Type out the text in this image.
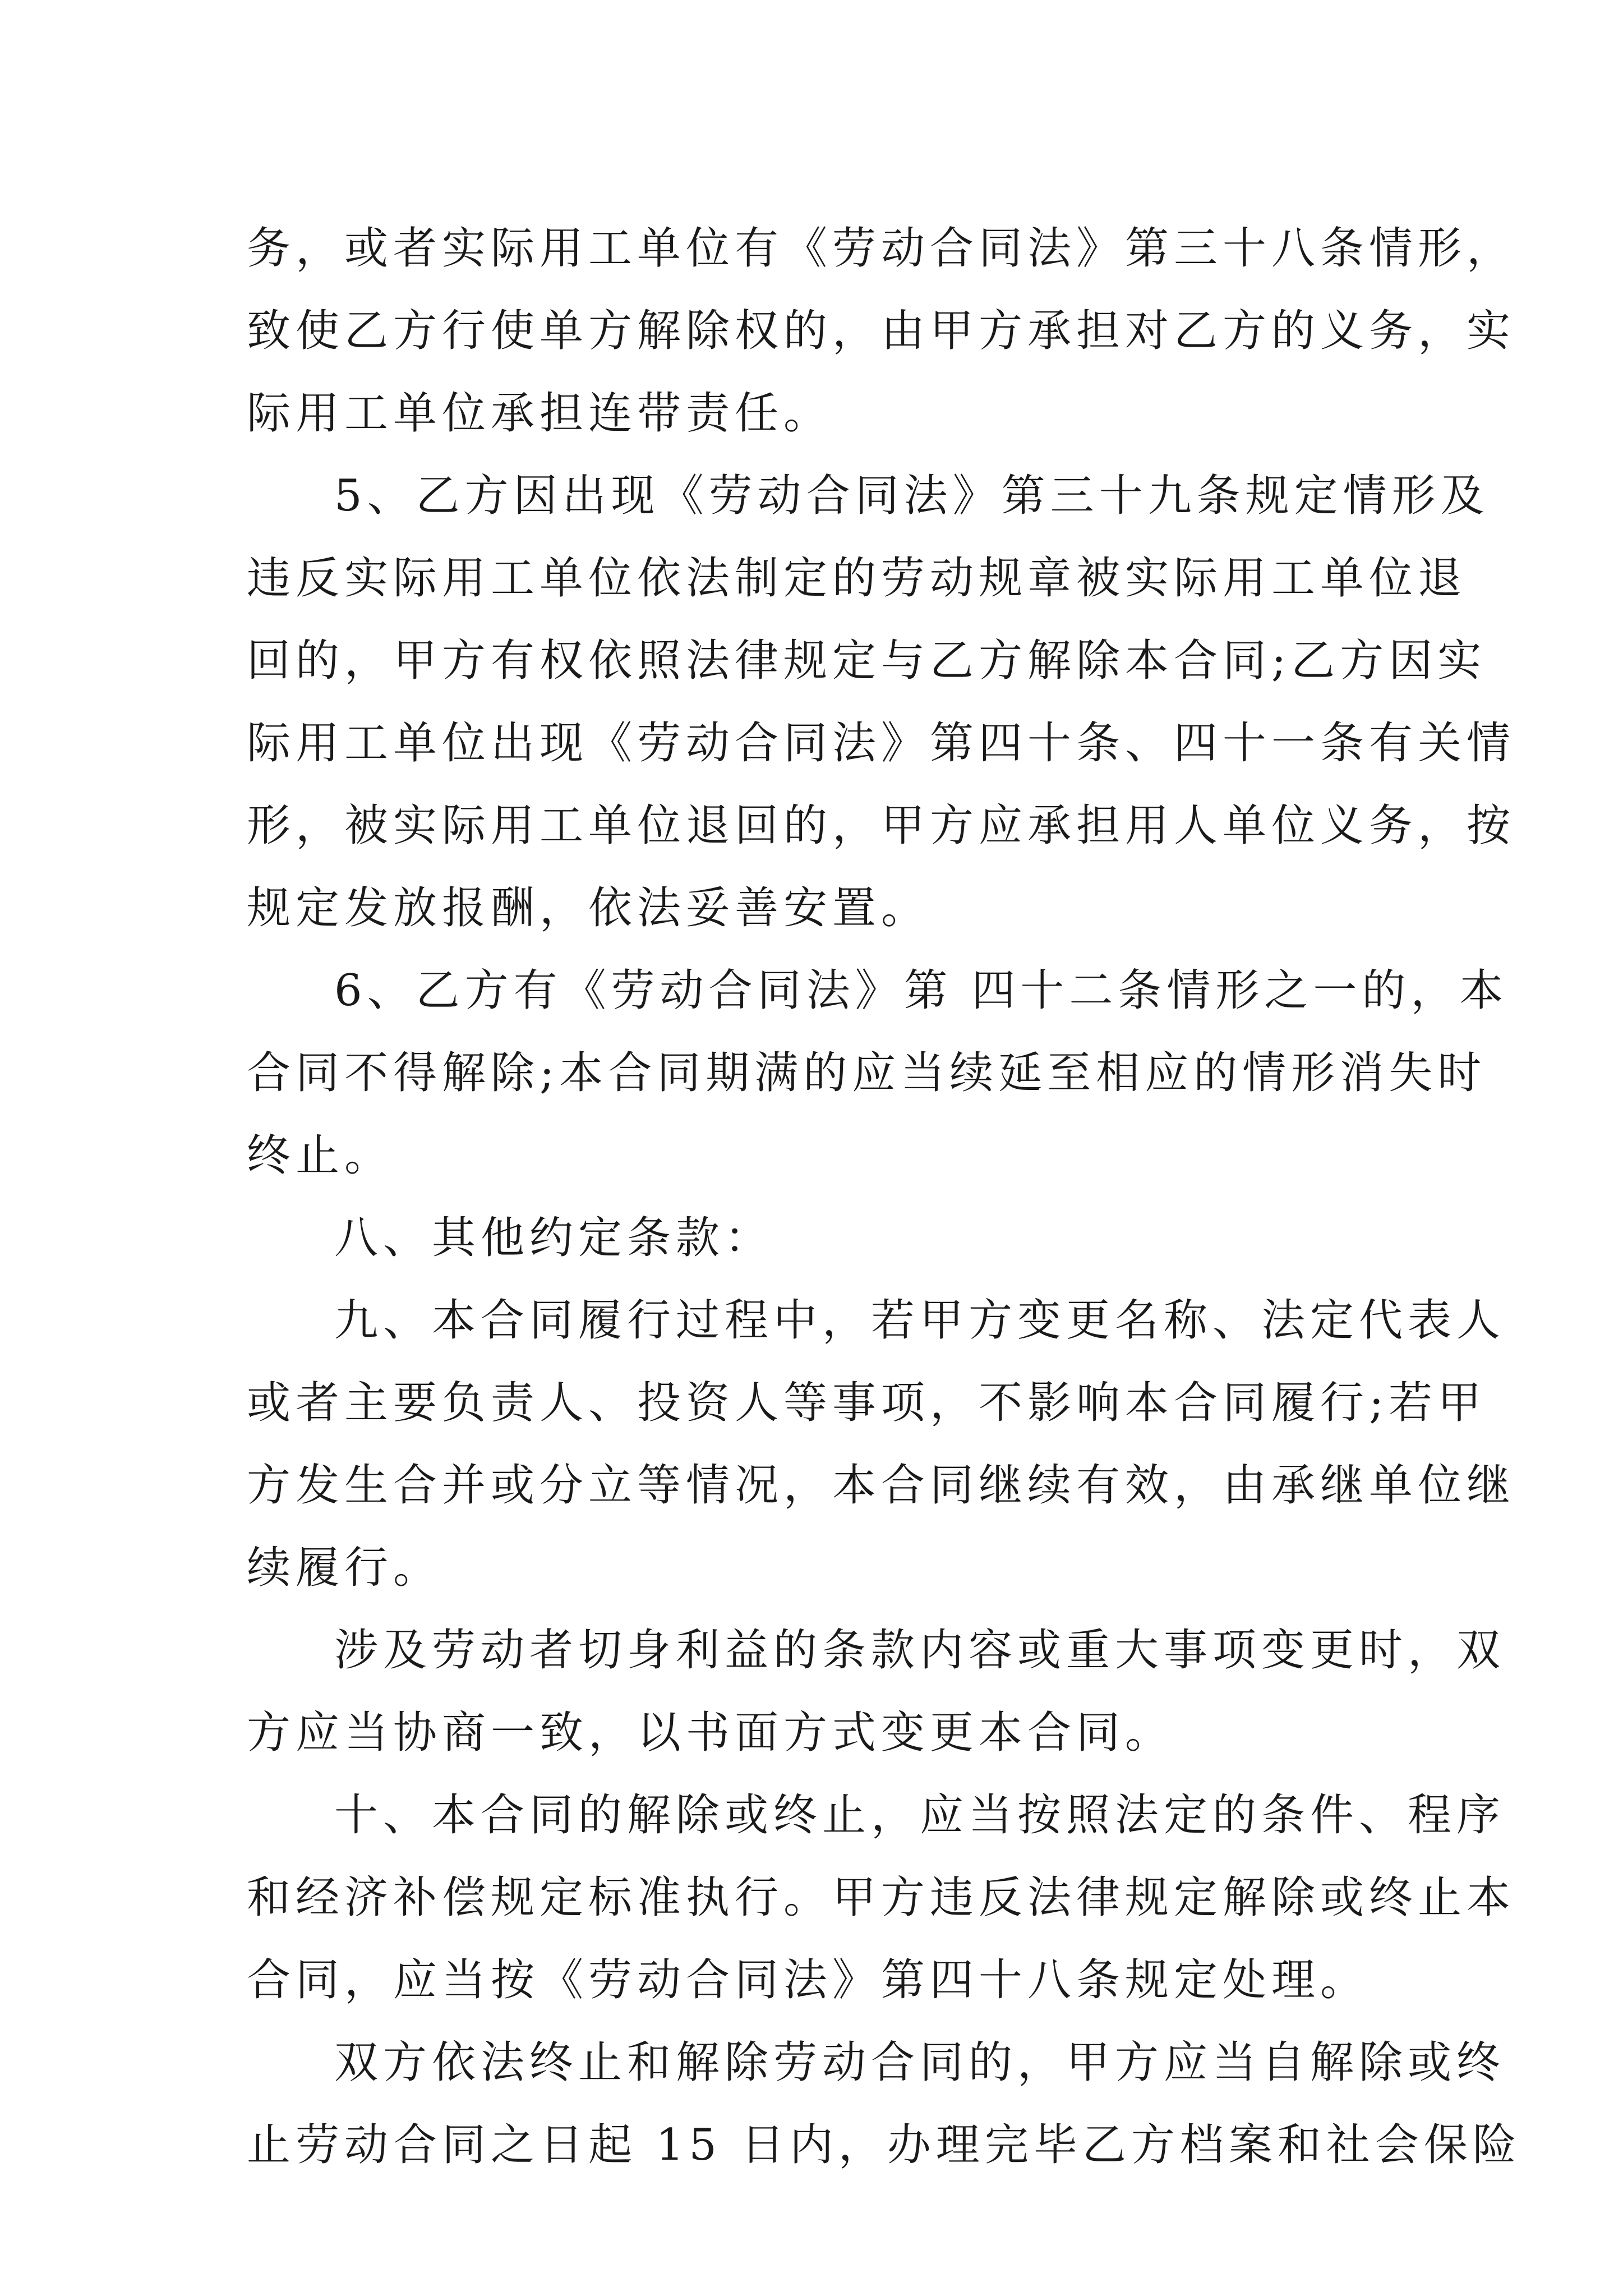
务，或者实际用工单位有《劳动合同法》第三十八条情形，
致使乙方行使单方解除权的，由甲方承担对乙方的义务，实
际用工单位承担连带责任。
5、乙方因出现《劳动合同法》第三十九条规定情形及
违反实际用工单位依法制定的劳动规章被实际用工单位退
回的，甲方有权依照法律规定与乙方解除本合同;乙方因实
际用工单位出现《劳动合同法》第四十条、四十一条有关情
形，被实际用工单位退回的，甲方应承担用人单位义务，按
规定发放报酬，依法妥善安置。
6、乙方有《劳动合同法》第 四十二条情形之一的，本
合同不得解除;本合同期满的应当续延至相应的情形消失时
终止。
八、其他约定条款：
九、本合同履行过程中，若甲方变更名称、法定代表人
或者主要负责人、投资人等事项，不影响本合同履行;若甲
方发生合并或分立等情况，本合同继续有效，由承继单位继
续履行。
涉及劳动者切身利益的条款内容或重大事项变更时，双
方应当协商一致，以书面方式变更本合同。
十、本合同的解除或终止，应当按照法定的条件、程序
和经济补偿规定标准执行。甲方违反法律规定解除或终止本
合同，应当按《劳动合同法》第四十八条规定处理。
双方依法终止和解除劳动合同的，甲方应当自解除或终
止劳动合同之日起 15 日内，办理完毕乙方档案和社会保险
